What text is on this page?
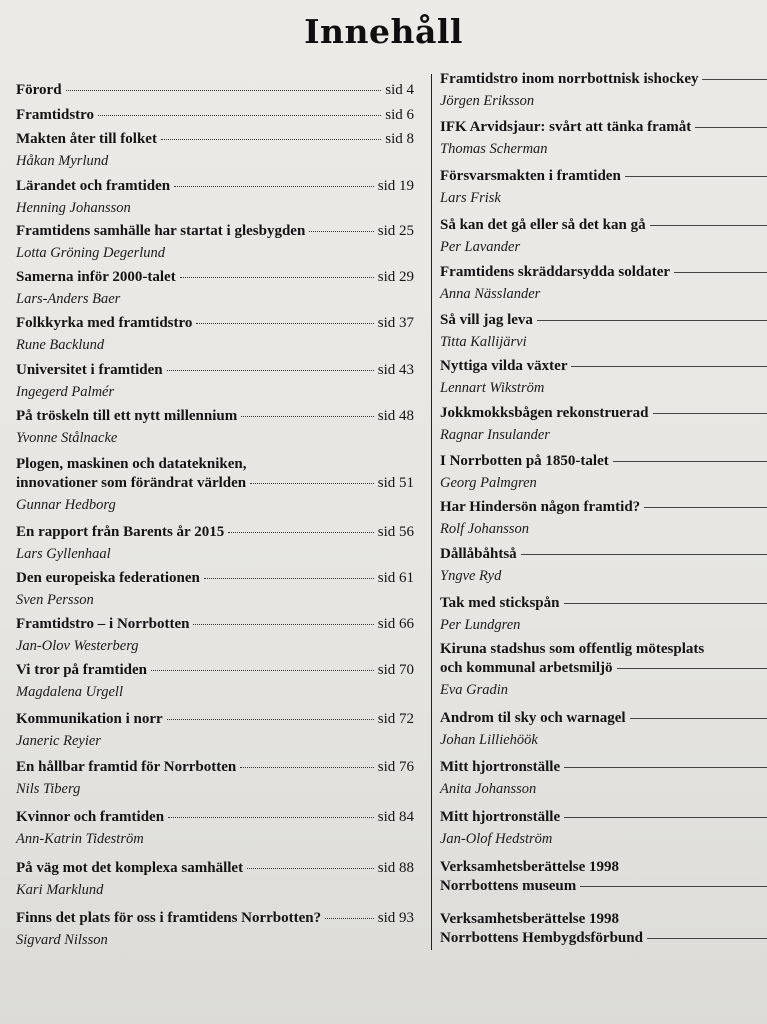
Innehåll
Förord	sid 4
Framtidstro	sid 6
Makten åter till folket	sid 8
Håkan Myrlund
Lärandet och framtiden	sid 19
Henning Johansson
Framtidens samhälle har startat i glesbygden	sid 25
Lotta Gröning Degerlund
Samerna inför 2000-talet	sid 29
Lars-Anders Baer
Folkkyrka med framtidstro	sid 37
Rune Backlund
Universitet i framtiden	sid 43
Ingegerd Palmér
På tröskeln till ett nytt millennium	sid 48
Yvonne Stålnacke
Plogen, maskinen och datatekniken,
innovationer som förändrat världen	sid 51
Gunnar Hedborg
En rapport från Barents år 2015	sid 56
Lars Gyllenhaal
Den europeiska federationen	sid 61
Sven Persson
Framtidstro – i Norrbotten	sid 66
Jan-Olov Westerberg
Vi tror på framtiden	sid 70
Magdalena Urgell
Kommunikation i norr	sid 72
Janeric Reyier
En hållbar framtid för Norrbotten	sid 76
Nils Tiberg
Kvinnor och framtiden	sid 84
Ann-Katrin Tideström
På väg mot det komplexa samhället	sid 88
Kari Marklund
Finns det plats för oss i framtidens Norrbotten?	sid 93
Sigvard Nilsson
Framtidstro inom norrbottnisk ishockey
Jörgen Eriksson
IFK Arvidsjaur: svårt att tänka framåt
Thomas Scherman
Försvarsmakten i framtiden
Lars Frisk
Så kan det gå eller så det kan gå
Per Lavander
Framtidens skräddarsydda soldater
Anna Nässlander
Så vill jag leva
Titta Kallijärvi
Nyttiga vilda växter
Lennart Wikström
Jokkmokksbågen rekonstruerad
Ragnar Insulander
I Norrbotten på 1850-talet
Georg Palmgren
Har Hindersön någon framtid?
Rolf Johansson
Dållåbåhtså
Yngve Ryd
Tak med stickspån
Per Lundgren
Kiruna stadshus som offentlig mötesplats
och kommunal arbetsmiljö
Eva Gradin
Androm til sky och warnagel
Johan Lilliehöök
Mitt hjortronställe
Anita Johansson
Mitt hjortronställe
Jan-Olof Hedström
Verksamhetsberättelse 1998
Norrbottens museum
Verksamhetsberättelse 1998
Norrbottens Hembygdsförbund
